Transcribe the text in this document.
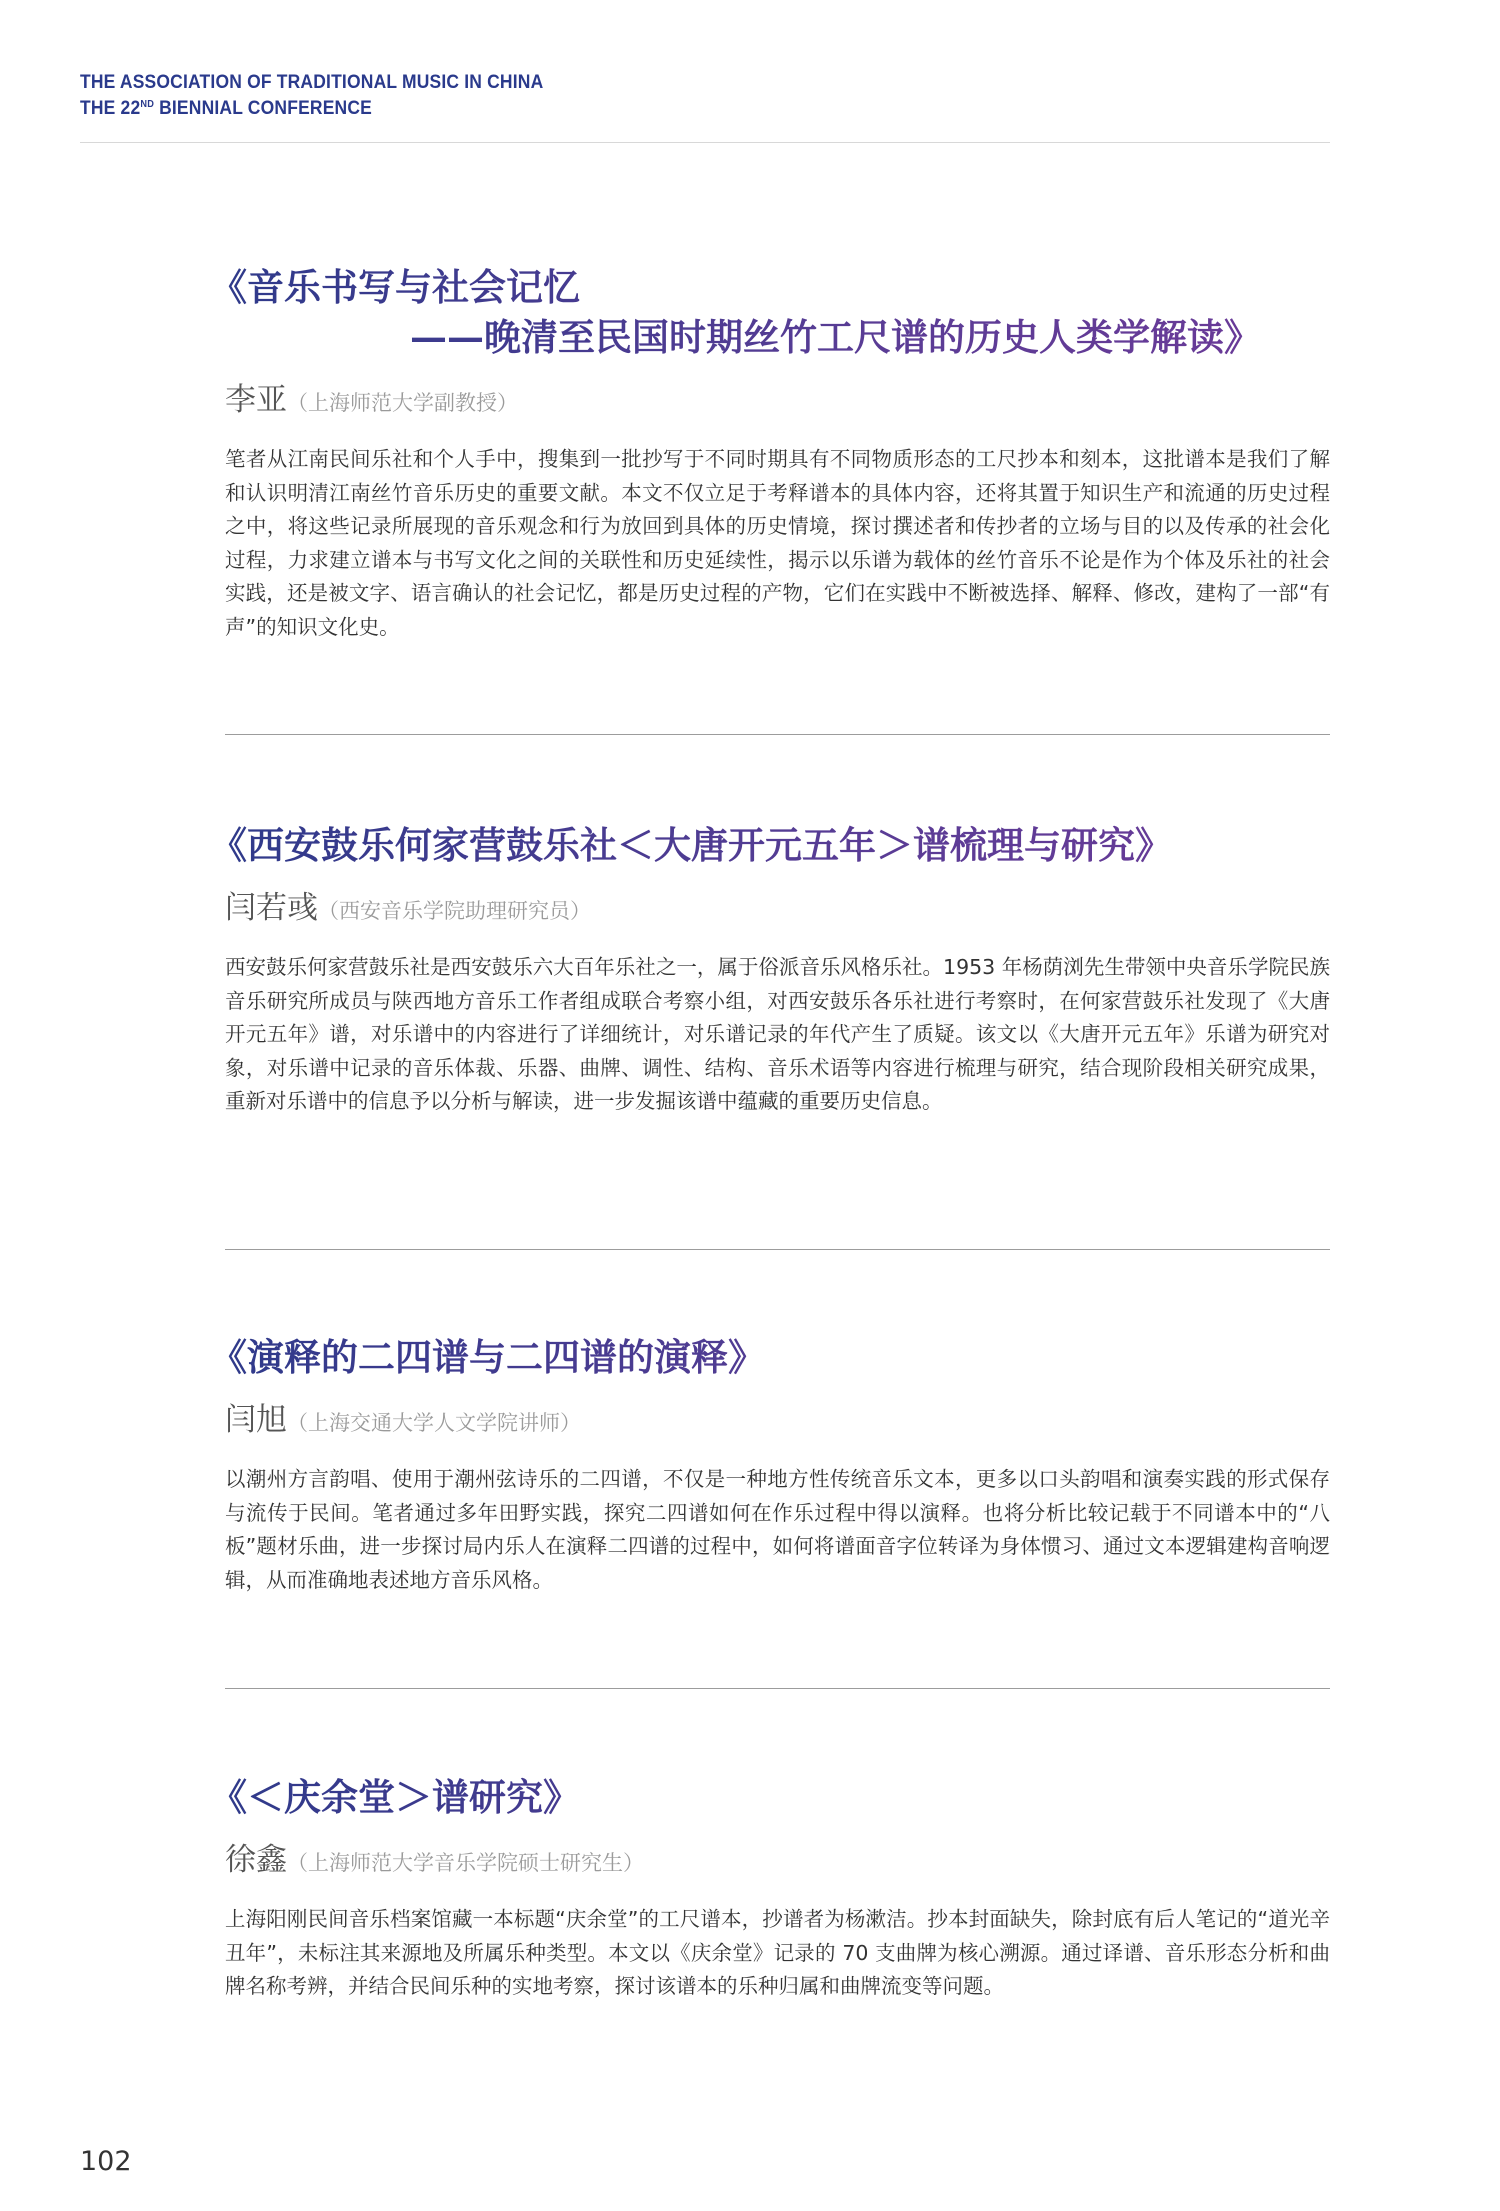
THE ASSOCIATION OF TRADITIONAL MUSIC IN CHINA
THE 22ND BIENNIAL CONFERENCE
《音乐书写与社会记忆
——晚清至民国时期丝竹工尺谱的历史人类学解读》
李亚（上海师范大学副教授）
笔者从江南民间乐社和个人手中，搜集到一批抄写于不同时期具有不同物质形态的工尺抄本和刻本，这批谱本是我们了解和认识明清江南丝竹音乐历史的重要文献。本文不仅立足于考释谱本的具体内容，还将其置于知识生产和流通的历史过程之中，将这些记录所展现的音乐观念和行为放回到具体的历史情境，探讨撰述者和传抄者的立场与目的以及传承的社会化过程，力求建立谱本与书写文化之间的关联性和历史延续性，揭示以乐谱为载体的丝竹音乐不论是作为个体及乐社的社会实践，还是被文字、语言确认的社会记忆，都是历史过程的产物，它们在实践中不断被选择、解释、修改，建构了一部“有声”的知识文化史。
《西安鼓乐何家营鼓乐社＜大唐开元五年＞谱梳理与研究》
闫若彧（西安音乐学院助理研究员）
西安鼓乐何家营鼓乐社是西安鼓乐六大百年乐社之一，属于俗派音乐风格乐社。1953 年杨荫浏先生带领中央音乐学院民族音乐研究所成员与陕西地方音乐工作者组成联合考察小组，对西安鼓乐各乐社进行考察时，在何家营鼓乐社发现了《大唐开元五年》谱，对乐谱中的内容进行了详细统计，对乐谱记录的年代产生了质疑。该文以《大唐开元五年》乐谱为研究对象，对乐谱中记录的音乐体裁、乐器、曲牌、调性、结构、音乐术语等内容进行梳理与研究，结合现阶段相关研究成果，重新对乐谱中的信息予以分析与解读，进一步发掘该谱中蕴藏的重要历史信息。
《演释的二四谱与二四谱的演释》
闫旭（上海交通大学人文学院讲师）
以潮州方言韵唱、使用于潮州弦诗乐的二四谱，不仅是一种地方性传统音乐文本，更多以口头韵唱和演奏实践的形式保存与流传于民间。笔者通过多年田野实践，探究二四谱如何在作乐过程中得以演释。也将分析比较记载于不同谱本中的“八板”题材乐曲，进一步探讨局内乐人在演释二四谱的过程中，如何将谱面音字位转译为身体惯习、通过文本逻辑建构音响逻辑，从而准确地表述地方音乐风格。
《＜庆余堂＞谱研究》
徐鑫（上海师范大学音乐学院硕士研究生）
上海阳刚民间音乐档案馆藏一本标题“庆余堂”的工尺谱本，抄谱者为杨漱洁。抄本封面缺失，除封底有后人笔记的“道光辛丑年”，未标注其来源地及所属乐种类型。本文以《庆余堂》记录的 70 支曲牌为核心溯源。通过译谱、音乐形态分析和曲牌名称考辨，并结合民间乐种的实地考察，探讨该谱本的乐种归属和曲牌流变等问题。
102
